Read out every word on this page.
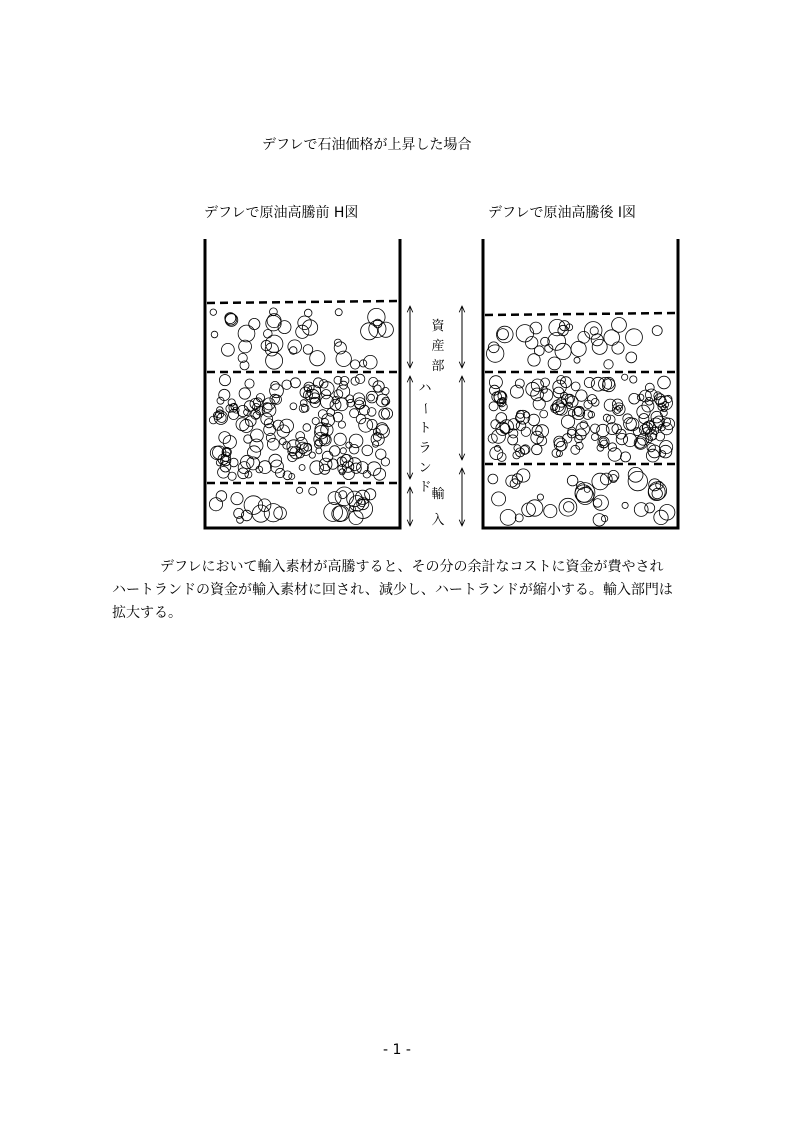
デフレで石油価格が上昇した場合
デフレで原油高騰前 H図	デフレで原油高騰後 I図
資
産
部
ハ
ー
ト
ラ
ン
ド 輸
入
デフレにおいて輸入素材が高騰すると、その分の余計なコストに資金が費やされ
ハートランドの資金が輸入素材に回され、減少し、ハートランドが縮小する。輸入部門は
拡大する。
- 1 -
